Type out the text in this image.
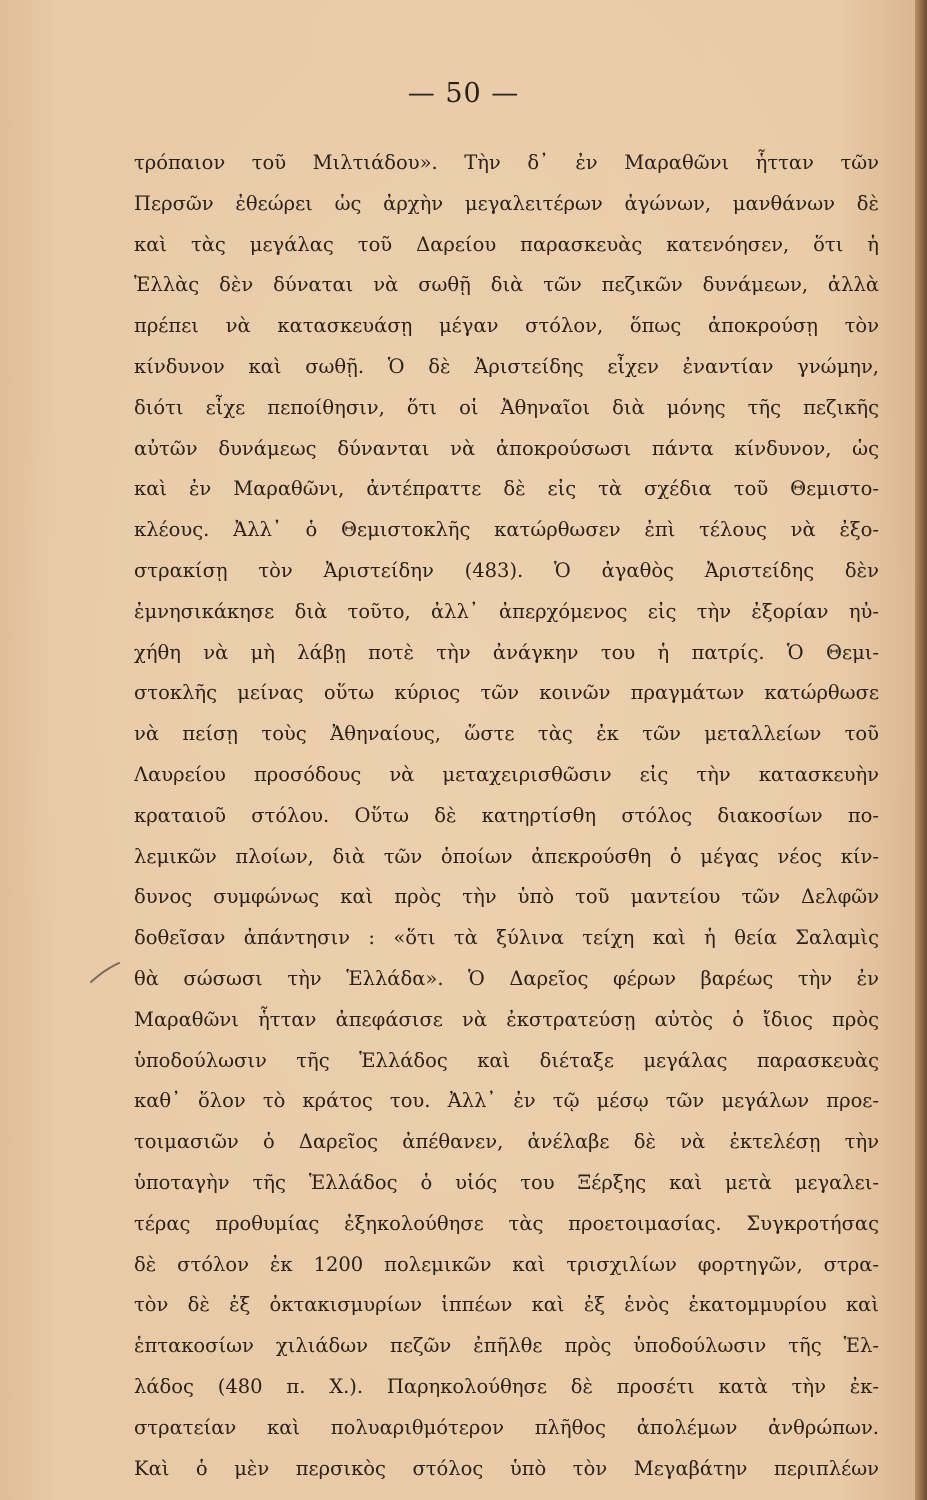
— 50 —
τρόπαιον τοῦ Μιλτιάδου». Τὴν δ᾽ ἐν Μαραθῶνι ἧτταν τῶν
Περσῶν ἐθεώρει ὡς ἀρχὴν μεγαλειτέρων ἀγώνων, μανθάνων δὲ
καὶ τὰς μεγάλας τοῦ Δαρείου παρασκευὰς κατενόησεν, ὅτι ἡ
Ἑλλὰς δὲν δύναται νὰ σωθῇ διὰ τῶν πεζικῶν δυνάμεων, ἀλλὰ
πρέπει νὰ κατασκευάσῃ μέγαν στόλον, ὅπως ἀποκρούσῃ τὸν
κίνδυνον καὶ σωθῇ. Ὁ δὲ Ἀριστείδης εἶχεν ἐναντίαν γνώμην,
διότι εἶχε πεποίθησιν, ὅτι οἱ Ἀθηναῖοι διὰ μόνης τῆς πεζικῆς
αὐτῶν δυνάμεως δύνανται νὰ ἀποκρούσωσι πάντα κίνδυνον, ὡς
καὶ ἐν Μαραθῶνι, ἀντέπραττε δὲ εἰς τὰ σχέδια τοῦ Θεμιστο-
κλέους. Ἀλλ᾽ ὁ Θεμιστοκλῆς κατώρθωσεν ἐπὶ τέλους νὰ ἐξο-
στρακίσῃ τὸν Ἀριστείδην (483). Ὁ ἀγαθὸς Ἀριστείδης δὲν
ἐμνησικάκησε διὰ τοῦτο, ἀλλ᾽ ἀπερχόμενος εἰς τὴν ἐξορίαν ηὐ-
χήθη νὰ μὴ λάβῃ ποτὲ τὴν ἀνάγκην του ἡ πατρίς. Ὁ Θεμι-
στοκλῆς μείνας οὕτω κύριος τῶν κοινῶν πραγμάτων κατώρθωσε
νὰ πείσῃ τοὺς Ἀθηναίους, ὥστε τὰς ἐκ τῶν μεταλλείων τοῦ
Λαυρείου προσόδους νὰ μεταχειρισθῶσιν εἰς τὴν κατασκευὴν
κραταιοῦ στόλου. Οὕτω δὲ κατηρτίσθη στόλος διακοσίων πο-
λεμικῶν πλοίων, διὰ τῶν ὁποίων ἀπεκρούσθη ὁ μέγας νέος κίν-
δυνος συμφώνως καὶ πρὸς τὴν ὑπὸ τοῦ μαντείου τῶν Δελφῶν
δοθεῖσαν ἀπάντησιν : «ὅτι τὰ ξύλινα τείχη καὶ ἡ θεία Σαλαμὶς
θὰ σώσωσι τὴν Ἑλλάδα». Ὁ Δαρεῖος φέρων βαρέως τὴν ἐν
Μαραθῶνι ἧτταν ἀπεφάσισε νὰ ἐκστρατεύσῃ αὐτὸς ὁ ἴδιος πρὸς
ὑποδούλωσιν τῆς Ἑλλάδος καὶ διέταξε μεγάλας παρασκευὰς
καθ᾽ ὅλον τὸ κράτος του. Ἀλλ᾽ ἐν τῷ μέσῳ τῶν μεγάλων προε-
τοιμασιῶν ὁ Δαρεῖος ἀπέθανεν, ἀνέλαβε δὲ νὰ ἐκτελέσῃ τὴν
ὑποταγὴν τῆς Ἑλλάδος ὁ υἱός του Ξέρξης καὶ μετὰ μεγαλει-
τέρας προθυμίας ἐξηκολούθησε τὰς προετοιμασίας. Συγκροτήσας
δὲ στόλον ἐκ 1200 πολεμικῶν καὶ τρισχιλίων φορτηγῶν, στρα-
τὸν δὲ ἐξ ὀκτακισμυρίων ἱππέων καὶ ἐξ ἑνὸς ἑκατομμυρίου καὶ
ἑπτακοσίων χιλιάδων πεζῶν ἐπῆλθε πρὸς ὑποδούλωσιν τῆς Ἑλ-
λάδος (480 π. Χ.). Παρηκολούθησε δὲ προσέτι κατὰ τὴν ἐκ-
στρατείαν καὶ πολυαριθμότερον πλῆθος ἀπολέμων ἀνθρώπων.
Καὶ ὁ μὲν περσικὸς στόλος ὑπὸ τὸν Μεγαβάτην περιπλέων
